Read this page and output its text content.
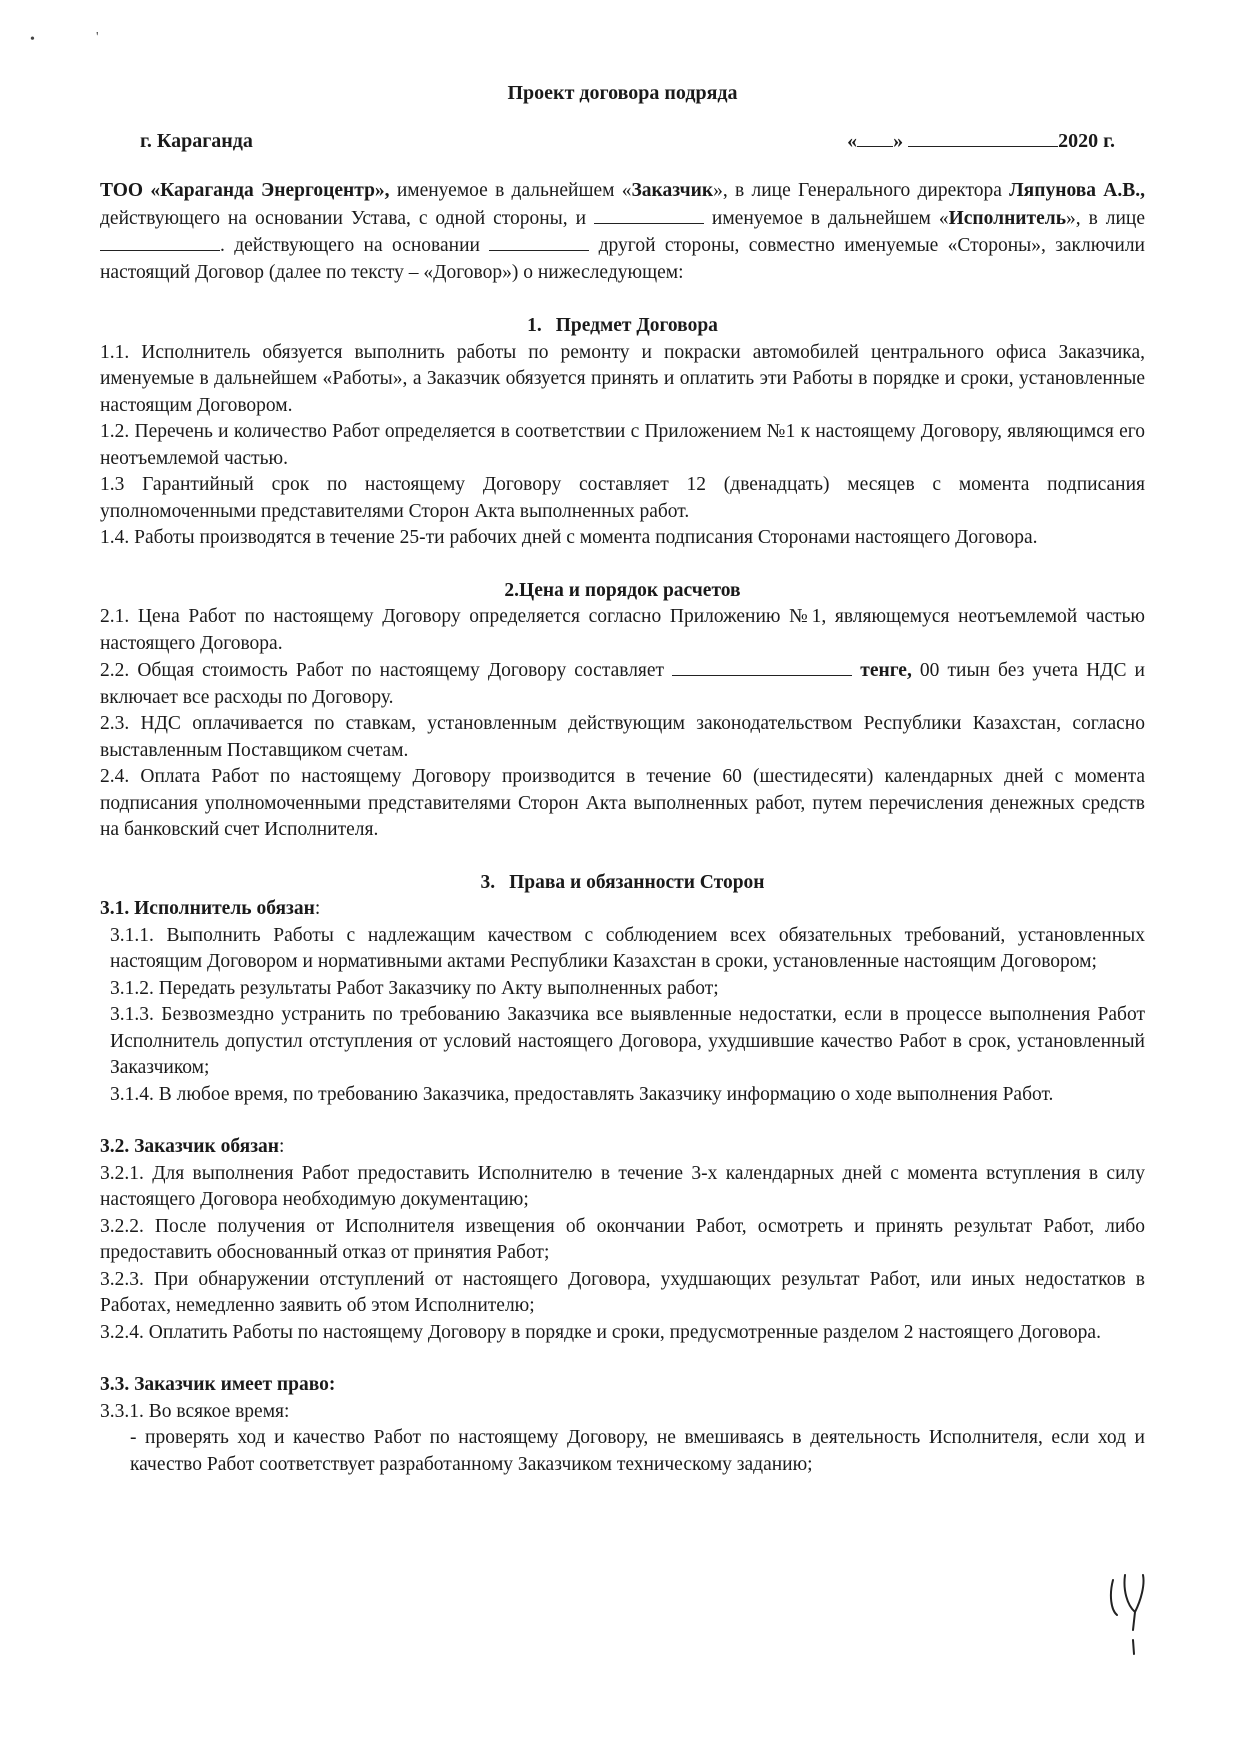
•	'
Проект договора подряда
г. Караганда	« »	2020 г.

ТОО «Караганда Энергоцентр», именуемое в дальнейшем «Заказчик», в лице Генерального директора Ляпунова А.В., действующего на основании Устава, с одной стороны, и	именуемое в дальнейшем «Исполнитель», в лице . действующего на основании	другой стороны, совместно именуемые «Стороны», заключили настоящий Договор (далее по тексту – «Договор») о нижеследующем:

1. Предмет Договора

1.1. Исполнитель обязуется выполнить работы по ремонту и покраски автомобилей центрального офиса Заказчика, именуемые в дальнейшем «Работы», а Заказчик обязуется принять и оплатить эти Работы в порядке и сроки, установленные настоящим Договором.

1.2. Перечень и количество Работ определяется в соответствии с Приложением №1 к настоящему Договору, являющимся его неотъемлемой частью.

1.3 Гарантийный срок по настоящему Договору составляет 12 (двенадцать) месяцев с момента подписания уполномоченными представителями Сторон Акта выполненных работ.

1.4. Работы производятся в течение 25-ти рабочих дней с момента подписания Сторонами настоящего Договора.

2.Цена и порядок расчетов

2.1. Цена Работ по настоящему Договору определяется согласно Приложению №1, являющемуся неотъемлемой частью настоящего Договора.

2.2. Общая стоимость Работ по настоящему Договору составляет	тенге, 00 тиын без учета НДС и включает все расходы по Договору.

2.3. НДС оплачивается по ставкам, установленным действующим законодательством Республики Казахстан, согласно выставленным Поставщиком счетам.

2.4. Оплата Работ по настоящему Договору производится в течение 60 (шестидесяти) календарных дней с момента подписания уполномоченными представителями Сторон Акта выполненных работ, путем перечисления денежных средств на банковский счет Исполнителя.

3. Права и обязанности Сторон

3.1. Исполнитель обязан:

3.1.1. Выполнить Работы с надлежащим качеством с соблюдением всех обязательных требований, установленных настоящим Договором и нормативными актами Республики Казахстан в сроки, установленные настоящим Договором;

3.1.2. Передать результаты Работ Заказчику по Акту выполненных работ;

3.1.3. Безвозмездно устранить по требованию Заказчика все выявленные недостатки, если в процессе выполнения Работ Исполнитель допустил отступления от условий настоящего Договора, ухудшившие качество Работ в срок, установленный Заказчиком;

3.1.4. В любое время, по требованию Заказчика, предоставлять Заказчику информацию о ходе выполнения Работ.

3.2. Заказчик обязан:

3.2.1. Для выполнения Работ предоставить Исполнителю в течение 3-х календарных дней с момента вступления в силу настоящего Договора необходимую документацию;

3.2.2. После получения от Исполнителя извещения об окончании Работ, осмотреть и принять результат Работ, либо предоставить обоснованный отказ от принятия Работ;

3.2.3. При обнаружении отступлений от настоящего Договора, ухудшающих результат Работ, или иных недостатков в Работах, немедленно заявить об этом Исполнителю;

3.2.4. Оплатить Работы по настоящему Договору в порядке и сроки, предусмотренные разделом 2 настоящего Договора.

3.3. Заказчик имеет право:

3.3.1. Во всякое время:

- проверять ход и качество Работ по настоящему Договору, не вмешиваясь в деятельность Исполнителя, если ход и качество Работ соответствует разработанному Заказчиком техническому заданию;
